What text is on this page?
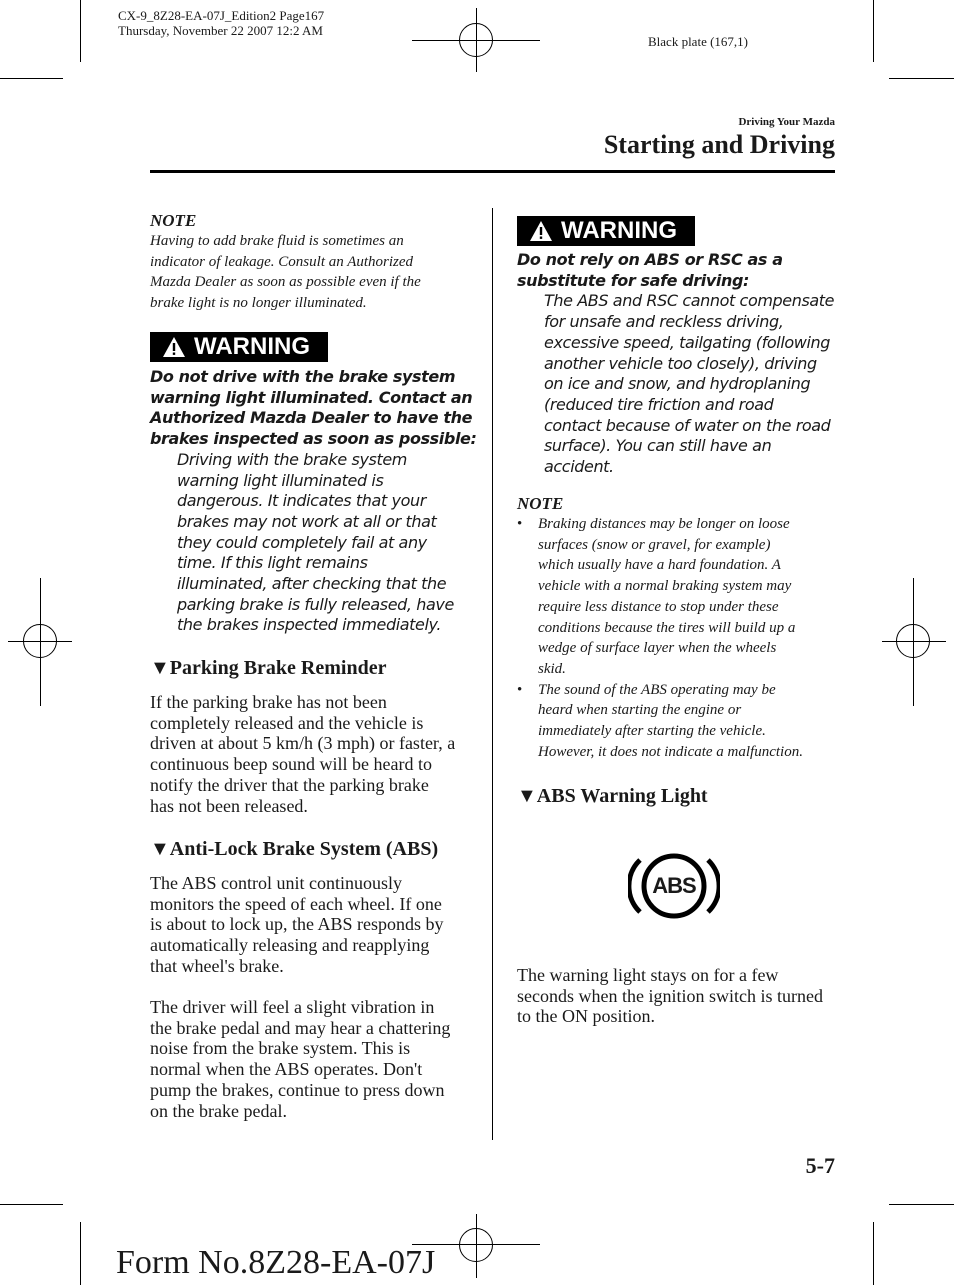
CX-9_8Z28-EA-07J_Edition2 Page167
Thursday, November 22 2007 12:2 AM
Black plate (167,1)
Driving Your Mazda
Starting and Driving
NOTE
Having to add brake fluid is sometimes an
indicator of leakage. Consult an Authorized
Mazda Dealer as soon as possible even if the
brake light is no longer illuminated.
WARNING
Do not drive with the brake system
warning light illuminated. Contact an
Authorized Mazda Dealer to have the
brakes inspected as soon as possible:
Driving with the brake system
warning light illuminated is
dangerous. It indicates that your
brakes may not work at all or that
they could completely fail at any
time. If this light remains
illuminated, after checking that the
parking brake is fully released, have
the brakes inspected immediately.
▼Parking Brake Reminder
If the parking brake has not been
completely released and the vehicle is
driven at about 5 km/h (3 mph) or faster, a
continuous beep sound will be heard to
notify the driver that the parking brake
has not been released.
▼Anti-Lock Brake System (ABS)
The ABS control unit continuously
monitors the speed of each wheel. If one
is about to lock up, the ABS responds by
automatically releasing and reapplying
that wheel's brake.
The driver will feel a slight vibration in
the brake pedal and may hear a chattering
noise from the brake system. This is
normal when the ABS operates. Don't
pump the brakes, continue to press down
on the brake pedal.
WARNING
Do not rely on ABS or RSC as a
substitute for safe driving:
The ABS and RSC cannot compensate
for unsafe and reckless driving,
excessive speed, tailgating (following
another vehicle too closely), driving
on ice and snow, and hydroplaning
(reduced tire friction and road
contact because of water on the road
surface). You can still have an
accident.
NOTE
• Braking distances may be longer on loose
surfaces (snow or gravel, for example)
which usually have a hard foundation. A
vehicle with a normal braking system may
require less distance to stop under these
conditions because the tires will build up a
wedge of surface layer when the wheels
skid.
• The sound of the ABS operating may be
heard when starting the engine or
immediately after starting the vehicle.
However, it does not indicate a malfunction.
▼ABS Warning Light
ABS
The warning light stays on for a few
seconds when the ignition switch is turned
to the ON position.
5-7
Form No.8Z28-EA-07J
